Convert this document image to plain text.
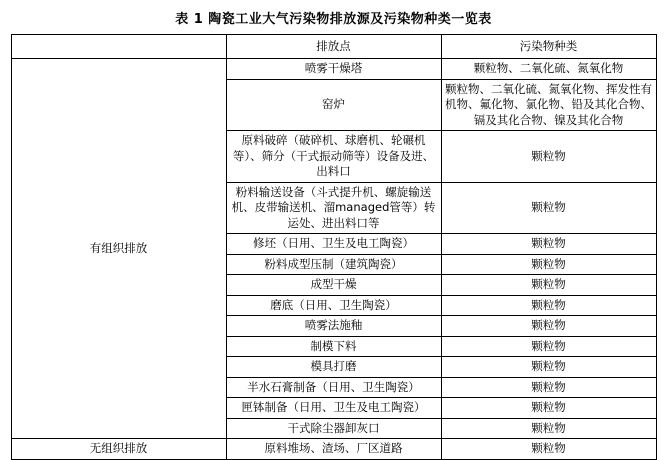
表 1 陶瓷工业大气污染物排放源及污染物种类一览表
	排放点	污染物种类
有组织排放	喷雾干燥塔	颗粒物、二氧化硫、氮氧化物
	窑炉	颗粒物、二氧化硫、氮氧化物、挥发性有机物、氟化物、氯化物、铅及其化合物、镉及其化合物、镍及其化合物
	原料破碎（破碎机、球磨机、轮碾机等）、筛分（干式振动筛等）设备及进、出料口	颗粒物
	粉料输送设备（斗式提升机、螺旋输送机、皮带输送机、溜managed管等）转运处、进出料口等	颗粒物
	修坯（日用、卫生及电工陶瓷）	颗粒物
	粉料成型压制（建筑陶瓷）	颗粒物
	成型干燥	颗粒物
	磨底（日用、卫生陶瓷）	颗粒物
	喷雾法施釉	颗粒物
	制模下料	颗粒物
	模具打磨	颗粒物
	半水石膏制备（日用、卫生陶瓷）	颗粒物
	匣钵制备（日用、卫生及电工陶瓷）	颗粒物
	干式除尘器卸灰口	颗粒物
无组织排放	原料堆场、渣场、厂区道路	颗粒物
